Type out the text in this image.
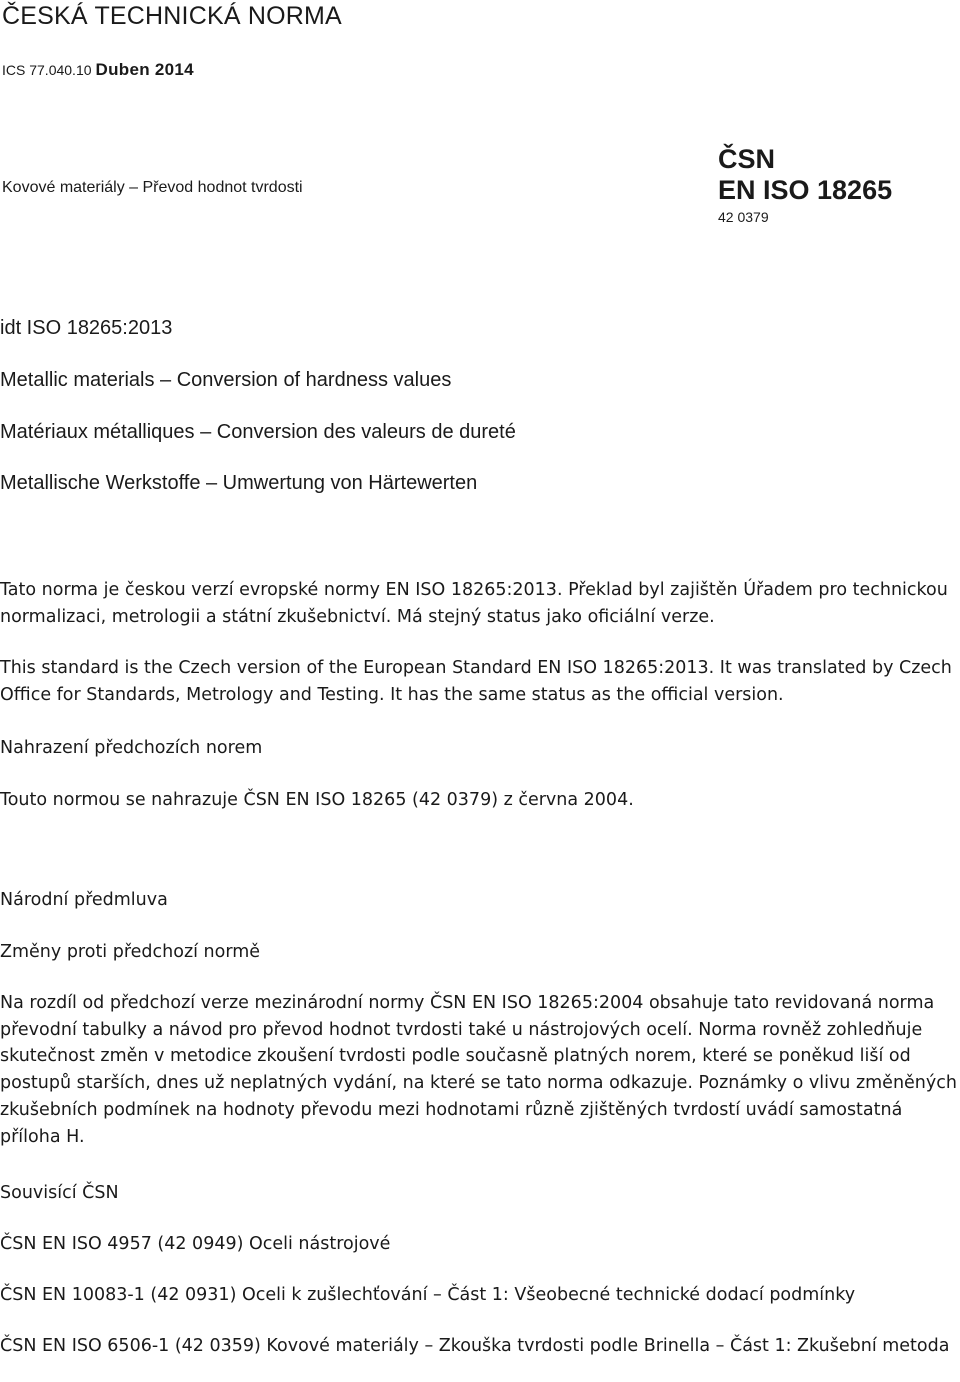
ČESKÁ TECHNICKÁ NORMA
ICS 77.040.10 Duben 2014
Kovové materiály – Převod hodnot tvrdosti
ČSN
EN ISO 18265
42 0379
idt ISO 18265:2013
Metallic materials – Conversion of hardness values
Matériaux métalliques – Conversion des valeurs de dureté
Metallische Werkstoffe – Umwertung von Härtewerten

Tato norma je českou verzí evropské normy EN ISO 18265:2013. Překlad byl zajištěn Úřadem pro technickou normalizaci, metrologii a státní zkušebnictví. Má stejný status jako oficiální verze.

This standard is the Czech version of the European Standard EN ISO 18265:2013. It was translated by Czech Office for Standards, Metrology and Testing. It has the same status as the official version.

Nahrazení předchozích norem

Touto normou se nahrazuje ČSN EN ISO 18265 (42 0379) z června 2004.

Národní předmluva

Změny proti předchozí normě

Na rozdíl od předchozí verze mezinárodní normy ČSN EN ISO 18265:2004 obsahuje tato revidovaná norma převodní tabulky a návod pro převod hodnot tvrdosti také u nástrojových ocelí. Norma rovněž zohledňuje skutečnost změn v metodice zkoušení tvrdosti podle současně platných norem, které se poněkud liší od postupů starších, dnes už neplatných vydání, na které se tato norma odkazuje. Poznámky o vlivu změněných zkušebních podmínek na hodnoty převodu mezi hodnotami různě zjištěných tvrdostí uvádí samostatná příloha H.

Souvisící ČSN

ČSN EN ISO 4957 (42 0949) Oceli nástrojové

ČSN EN 10083-1 (42 0931) Oceli k zušlechťování – Část 1: Všeobecné technické dodací podmínky

ČSN EN ISO 6506-1 (42 0359) Kovové materiály – Zkouška tvrdosti podle Brinella – Část 1: Zkušební metoda
